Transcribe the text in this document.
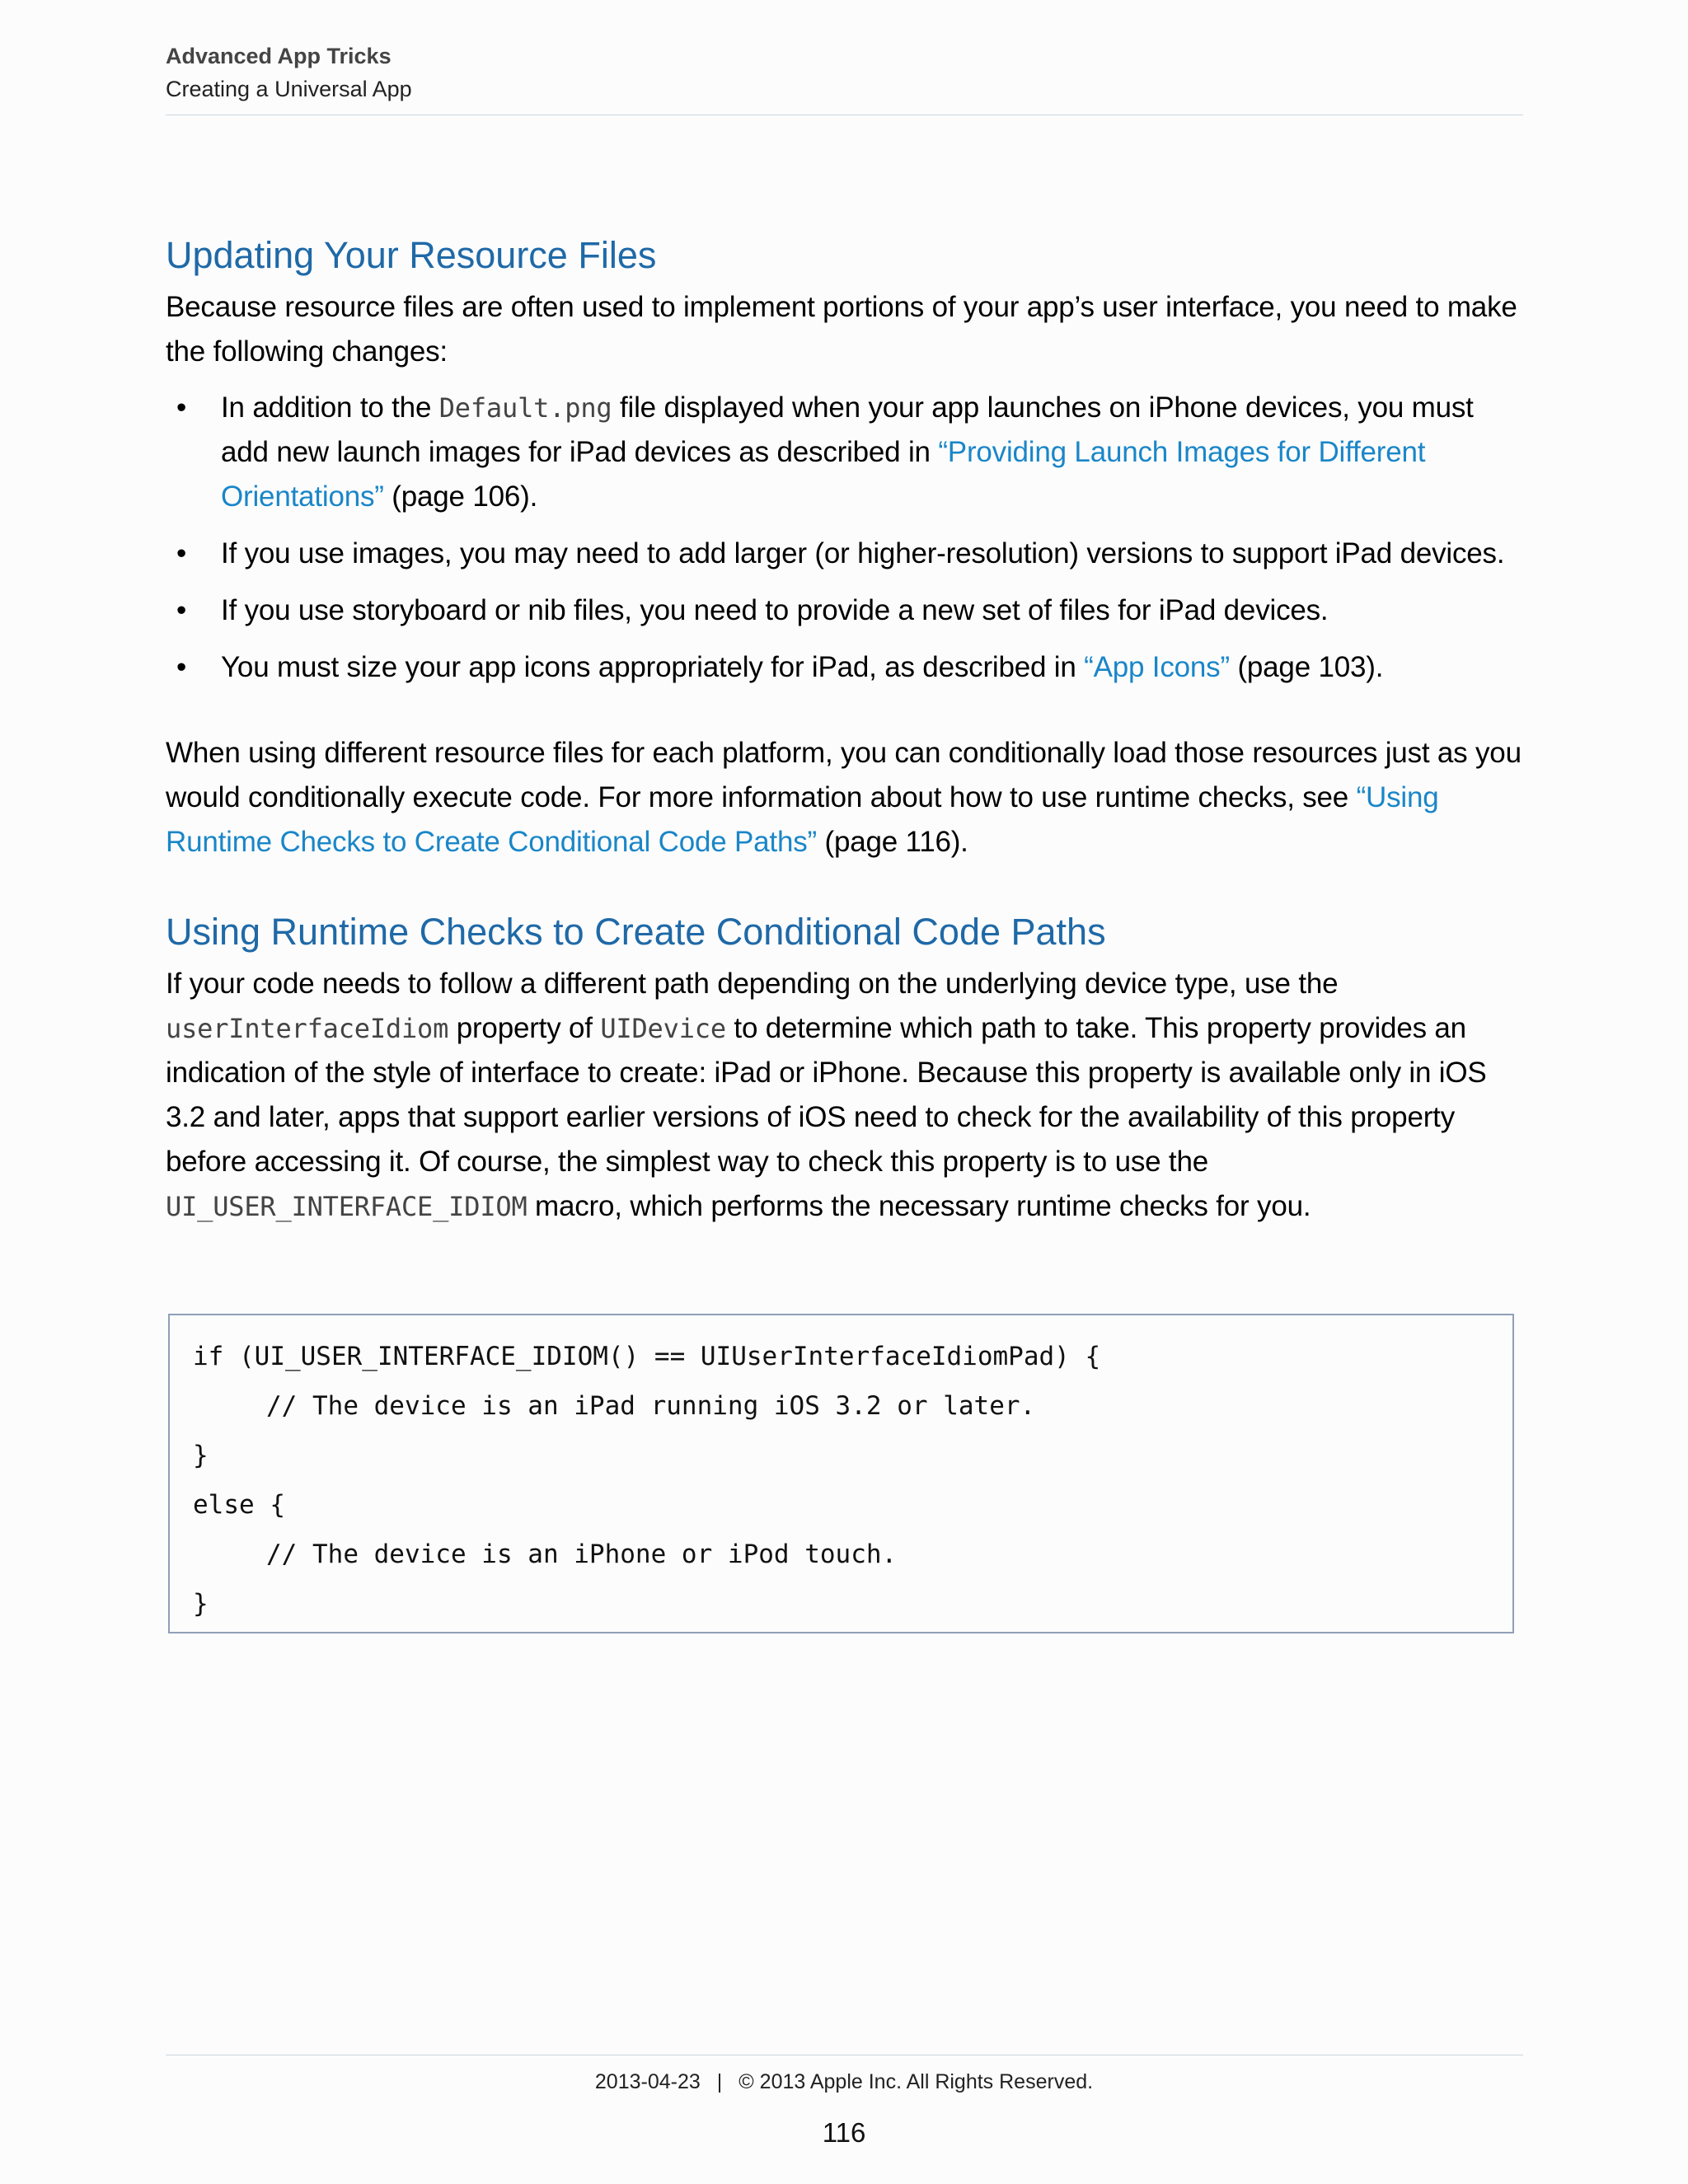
Advanced App Tricks

Creating a Universal App

Updating Your Resource Files

Because resource files are often used to implement portions of your app’s user interface, you need to make the following changes:

• In addition to the Default.png file displayed when your app launches on iPhone devices, you must add new launch images for iPad devices as described in “Providing Launch Images for Different Orientations” (page 106).
• If you use images, you may need to add larger (or higher-resolution) versions to support iPad devices.
• If you use storyboard or nib files, you need to provide a new set of files for iPad devices.
• You must size your app icons appropriately for iPad, as described in “App Icons” (page 103).

When using different resource files for each platform, you can conditionally load those resources just as you would conditionally execute code. For more information about how to use runtime checks, see “Using Runtime Checks to Create Conditional Code Paths” (page 116).

Using Runtime Checks to Create Conditional Code Paths

If your code needs to follow a different path depending on the underlying device type, use the userInterfaceIdiom property of UIDevice to determine which path to take. This property provides an indication of the style of interface to create: iPad or iPhone. Because this property is available only in iOS 3.2 and later, apps that support earlier versions of iOS need to check for the availability of this property before accessing it. Of course, the simplest way to check this property is to use the UI_USER_INTERFACE_IDIOM macro, which performs the necessary runtime checks for you.

if (UI_USER_INTERFACE_IDIOM() == UIUserInterfaceIdiomPad) {

// The device is an iPad running iOS 3.2 or later.

}

else {

// The device is an iPhone or iPod touch.

}

2013-04-23 | © 2013 Apple Inc. All Rights Reserved.
116
